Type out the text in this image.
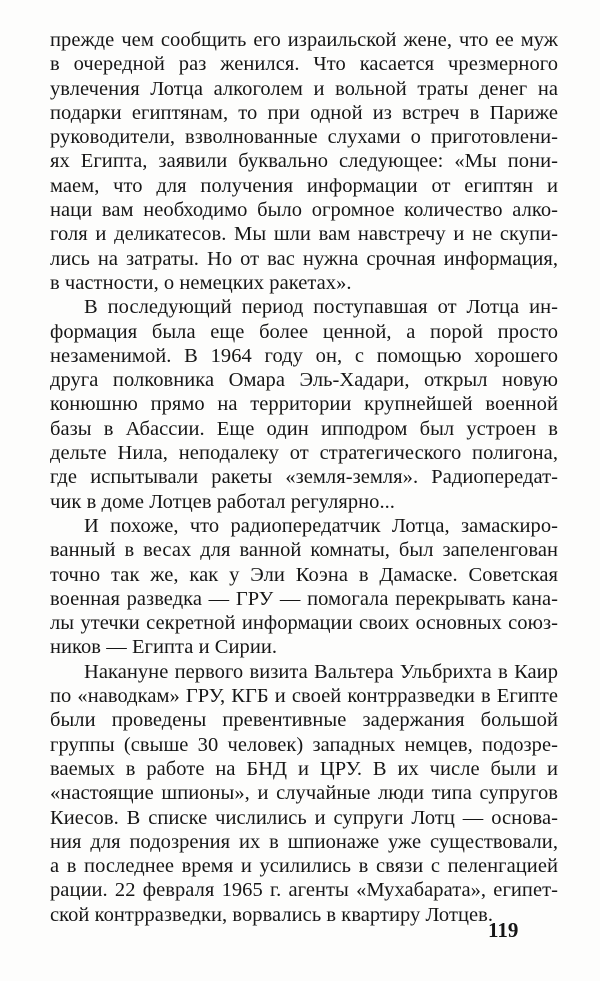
прежде чем сообщить его израильской жене, что ее муж
в очередной раз женился. Что касается чрезмерного
увлечения Лотца алкоголем и вольной траты денег на
подарки египтянам, то при одной из встреч в Париже
руководители, взволнованные слухами о приготовлени-
ях Египта, заявили буквально следующее: «Мы пони-
маем, что для получения информации от египтян и
наци вам необходимо было огромное количество алко-
голя и деликатесов. Мы шли вам навстречу и не скупи-
лись на затраты. Но от вас нужна срочная информация,
в частности, о немецких ракетах».
В последующий период поступавшая от Лотца ин-
формация была еще более ценной, а порой просто
незаменимой. В 1964 году он, с помощью хорошего
друга полковника Омара Эль-Хадари, открыл новую
конюшню прямо на территории крупнейшей военной
базы в Абассии. Еще один ипподром был устроен в
дельте Нила, неподалеку от стратегического полигона,
где испытывали ракеты «земля-земля». Радиопередат-
чик в доме Лотцев работал регулярно...
И похоже, что радиопередатчик Лотца, замаскиро-
ванный в весах для ванной комнаты, был запеленгован
точно так же, как у Эли Коэна в Дамаске. Советская
военная разведка — ГРУ — помогала перекрывать кана-
лы утечки секретной информации своих основных союз-
ников — Египта и Сирии.
Накануне первого визита Вальтера Ульбрихта в Каир
по «наводкам» ГРУ, КГБ и своей контрразведки в Египте
были проведены превентивные задержания большой
группы (свыше 30 человек) западных немцев, подозре-
ваемых в работе на БНД и ЦРУ. В их числе были и
«настоящие шпионы», и случайные люди типа супругов
Киесов. В списке числились и супруги Лотц — основа-
ния для подозрения их в шпионаже уже существовали,
а в последнее время и усилились в связи с пеленгацией
рации. 22 февраля 1965 г. агенты «Мухабарата», египет-
ской контрразведки, ворвались в квартиру Лотцев.
119
